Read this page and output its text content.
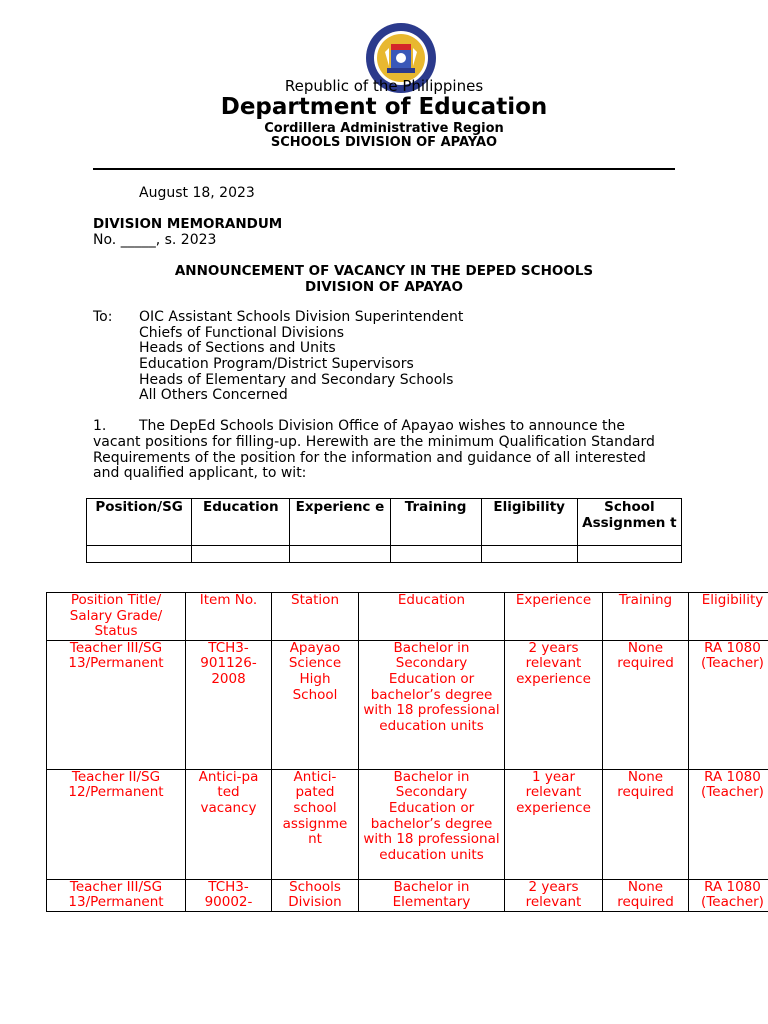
Republic of the Philippines
Department of Education
Cordillera Administrative Region
SCHOOLS DIVISION OF APAYAO
August 18, 2023
DIVISION MEMORANDUM
No. _____, s. 2023
ANNOUNCEMENT OF VACANCY IN THE DEPED SCHOOLS
DIVISION OF APAYAO
To: OIC Assistant Schools Division Superintendent
Chiefs of Functional Divisions
Heads of Sections and Units
Education Program/District Supervisors
Heads of Elementary and Secondary Schools
All Others Concerned
1. The DepEd Schools Division Office of Apayao wishes to announce the
vacant positions for filling-up. Herewith are the minimum Qualification Standard
Requirements of the position for the information and guidance of all interested
and qualified applicant, to wit:
Position/SG	Education	Experienc e	Training	Eligibility	School Assignmen t

Position Title/ Salary Grade/ Status	Item No.	Station	Education	Experience	Training	Eligibility
Teacher III/SG 13/Permanent	TCH3-901126-2008	Apayao Science High School	Bachelor in Secondary Education or bachelor’s degree with 18 professional education units	2 years relevant experience	None required	RA 1080 (Teacher)
Teacher II/SG 12/Permanent	Antici-pa ted vacancy	Antici-pated school assignme nt	Bachelor in Secondary Education or bachelor’s degree with 18 professional education units	1 year relevant experience	None required	RA 1080 (Teacher)
Teacher III/SG 13/Permanent	TCH3-90002-	Schools Division	Bachelor in Elementary	2 years relevant	None required	RA 1080 (Teacher)
